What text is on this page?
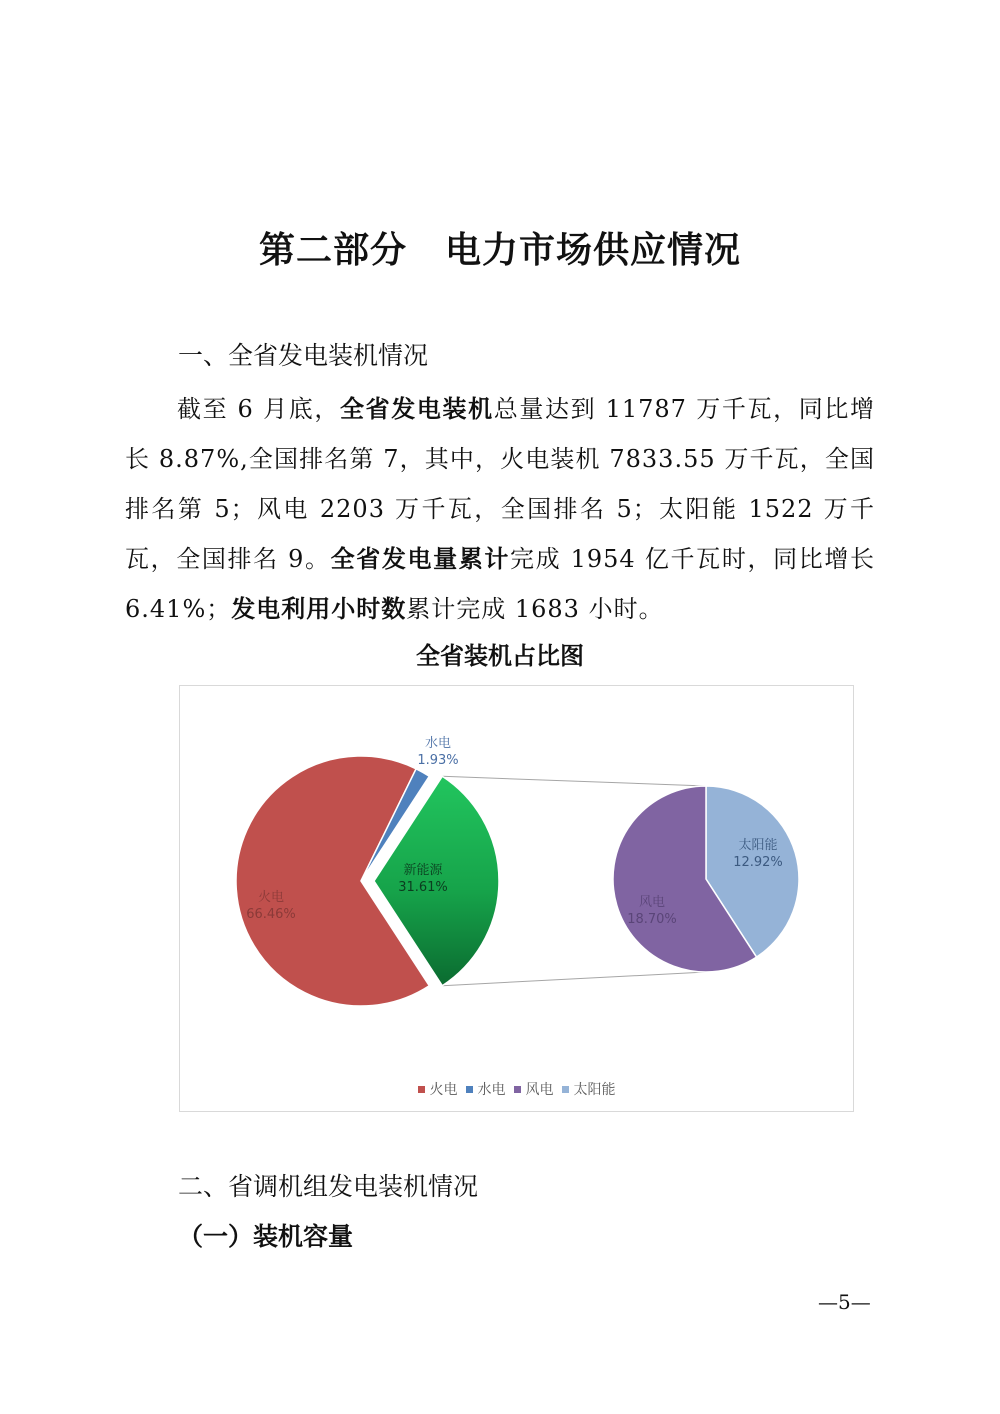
第二部分 电力市场供应情况
一、全省发电装机情况

截至 6 月底，全省发电装机总量达到 11787 万千瓦，同比增长 8.87%,全国排名第 7，其中，火电装机 7833.55 万千瓦，全国排名第 5；风电 2203 万千瓦，全国排名 5；太阳能 1522 万千瓦，全国排名 9。全省发电量累计完成 1954 亿千瓦时，同比增长 6.41%；发电利用小时数累计完成 1683 小时。

全省装机占比图
火电
66.46%
水电
1.93%
新能源
31.61%
风电
18.70%
太阳能
12.92%
火电 水电 风电 太阳能
二、省调机组发电装机情况
（一）装机容量
—5—
